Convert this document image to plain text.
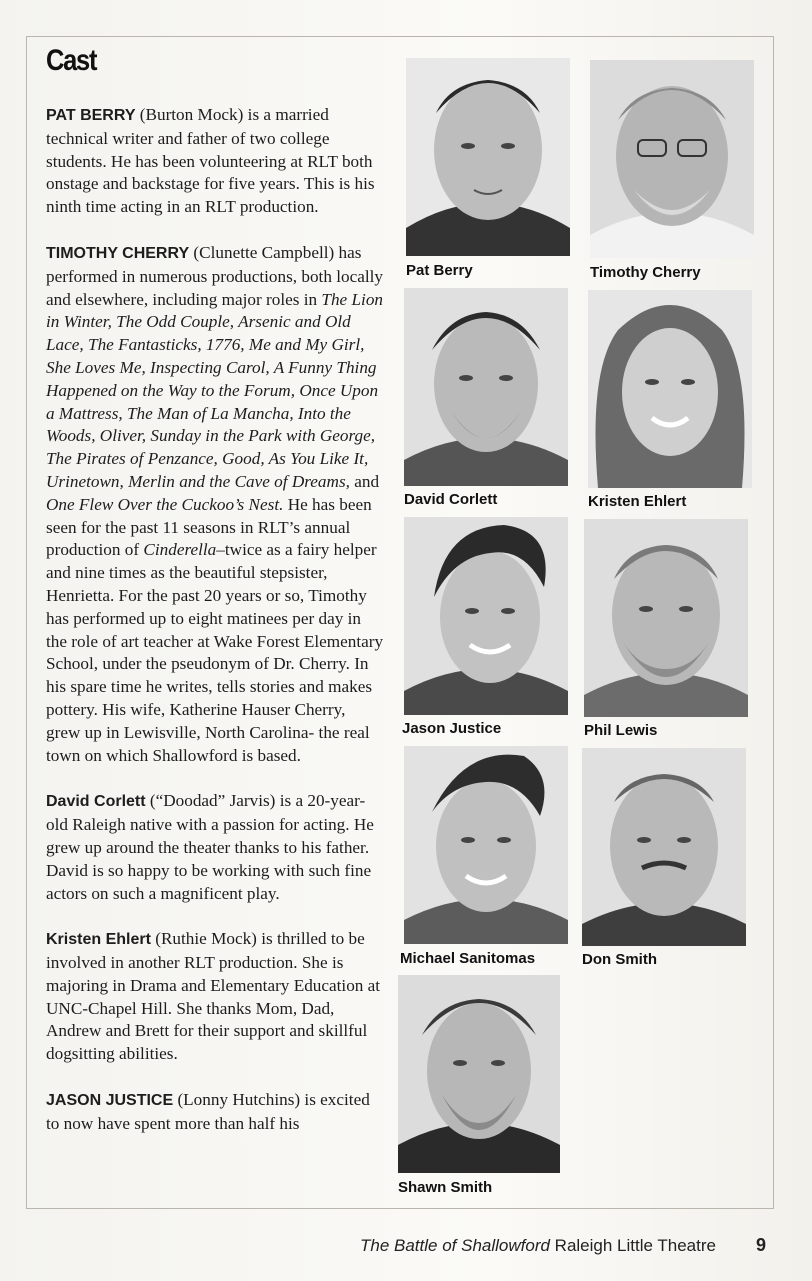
Cast

PAT BERRY (Burton Mock) is a married technical writer and father of two college students. He has been volunteering at RLT both onstage and backstage for five years. This is his ninth time acting in an RLT production.

TIMOTHY CHERRY (Clunette Campbell) has performed in numerous productions, both locally and elsewhere, including major roles in The Lion in Winter, The Odd Couple, Arsenic and Old Lace, The Fantasticks, 1776, Me and My Girl, She Loves Me, Inspecting Carol, A Funny Thing Happened on the Way to the Forum, Once Upon a Mattress, The Man of La Mancha, Into the Woods, Oliver, Sunday in the Park with George, The Pirates of Penzance, Good, As You Like It, Urinetown, Merlin and the Cave of Dreams, and One Flew Over the Cuckoo’s Nest. He has been seen for the past 11 seasons in RLT’s annual production of Cinderella–twice as a fairy helper and nine times as the beautiful stepsister, Henrietta. For the past 20 years or so, Timothy has performed up to eight matinees per day in the role of art teacher at Wake Forest Elementary School, under the pseudonym of Dr. Cherry. In his spare time he writes, tells stories and makes pottery. His wife, Katherine Hauser Cherry, grew up in Lewisville, North Carolina- the real town on which Shallowford is based.

David Corlett (“Doodad” Jarvis) is a 20-year-old Raleigh native with a passion for acting. He grew up around the theater thanks to his father. David is so happy to be working with such fine actors on such a magnificent play.

Kristen Ehlert (Ruthie Mock) is thrilled to be involved in another RLT production. She is majoring in Drama and Elementary Education at UNC-Chapel Hill. She thanks Mom, Dad, Andrew and Brett for their support and skillful dogsitting abilities.

JASON JUSTICE (Lonny Hutchins) is excited to now have spent more than half his

Pat Berry	Timothy Cherry
David Corlett	Kristen Ehlert
Jason Justice	Phil Lewis
Michael Sanitomas	Don Smith
Shawn Smith
The Battle of Shallowford Raleigh Little Theatre 9
